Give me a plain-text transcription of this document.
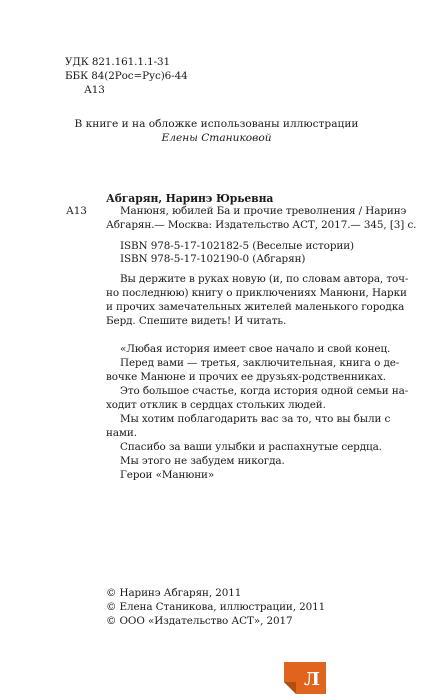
УДК 821.161.1.1-31
ББК 84(2Рос=Рус)6-44
А13
В книге и на обложке использованы иллюстрации
Елены Станиковой
Абгарян, Наринэ Юрьевна
А13	Манюня, юбилей Ба и прочие треволнения / Наринэ
Абгарян.— Москва: Издательство АСТ, 2017.— 345, [3] с.
ISBN 978-5-17-102182-5 (Веселые истории)
ISBN 978-5-17-102190-0 (Абгарян)
Вы держите в руках новую (и, по словам автора, точ-
но последнюю) книгу о приключениях Манюни, Нарки
и прочих замечательных жителей маленького городка
Берд. Спешите видеть! И читать.
«Любая история имеет свое начало и свой конец.
Перед вами — третья, заключительная, книга о де-
вочке Манюне и прочих ее друзьях-родственниках.
Это большое счастье, когда история одной семьи на-
ходит отклик в сердцах стольких людей.
Мы хотим поблагодарить вас за то, что вы были с
нами.
Спасибо за ваши улыбки и распахнутые сердца.
Мы этого не забудем никогда.
Герои «Манюни»
© Наринэ Абгарян, 2011
© Елена Станикова, иллюстрации, 2011
© ООО «Издательство АСТ», 2017
Л
